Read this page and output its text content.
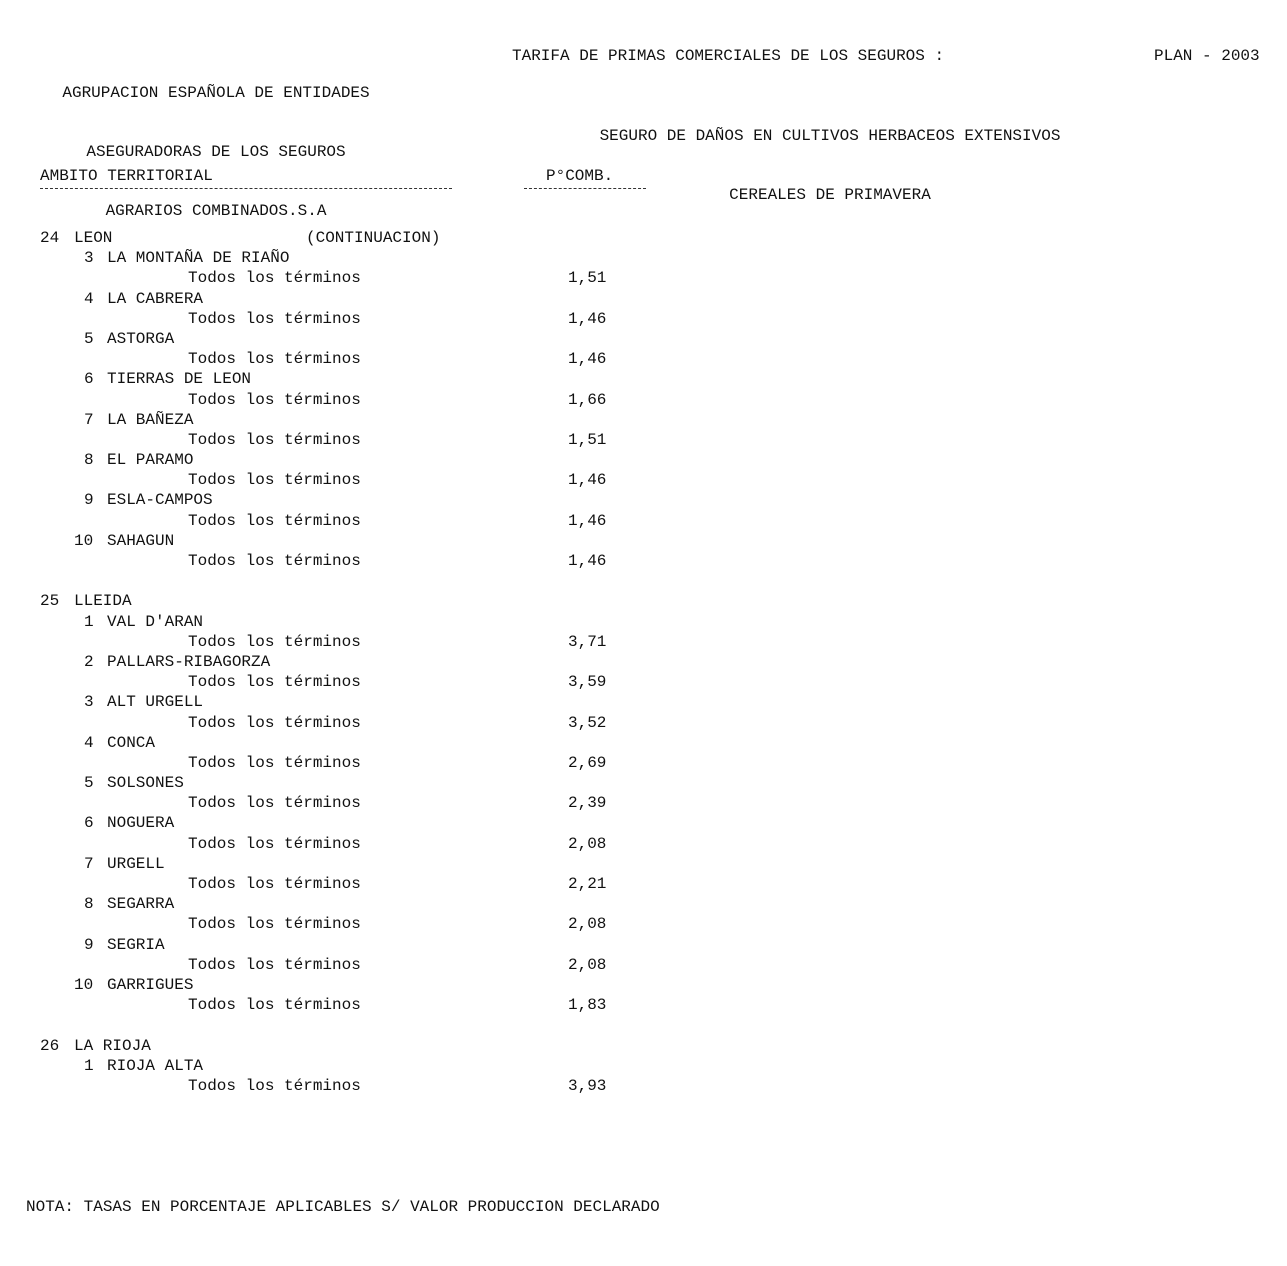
AGRUPACION ESPAÑOLA DE ENTIDADES

ASEGURADORAS DE LOS SEGUROS

AGRARIOS COMBINADOS.S.A

TARIFA DE PRIMAS COMERCIALES DE LOS SEGUROS :	PLAN - 2003

SEGURO DE DAÑOS EN CULTIVOS HERBACEOS EXTENSIVOS

CEREALES DE PRIMAVERA

AMBITO TERRITORIAL	P°COMB.
24 LEON	(CONTINUACION)
3 LA MONTAÑA DE RIAÑO
Todos los términos	1,51
4 LA CABRERA
Todos los términos	1,46
5 ASTORGA
Todos los términos	1,46
6 TIERRAS DE LEON
Todos los términos	1,66
7 LA BAÑEZA
Todos los términos	1,51
8 EL PARAMO
Todos los términos	1,46
9 ESLA-CAMPOS
Todos los términos	1,46
10 SAHAGUN
Todos los términos	1,46
25 LLEIDA
1 VAL D'ARAN
Todos los términos	3,71
2 PALLARS-RIBAGORZA
Todos los términos	3,59
3 ALT URGELL
Todos los términos	3,52
4 CONCA
Todos los términos	2,69
5 SOLSONES
Todos los términos	2,39
6 NOGUERA
Todos los términos	2,08
7 URGELL
Todos los términos	2,21
8 SEGARRA
Todos los términos	2,08
9 SEGRIA
Todos los términos	2,08
10 GARRIGUES
Todos los términos	1,83
26 LA RIOJA
1 RIOJA ALTA
Todos los términos	3,93
NOTA: TASAS EN PORCENTAJE APLICABLES S/ VALOR PRODUCCION DECLARADO
